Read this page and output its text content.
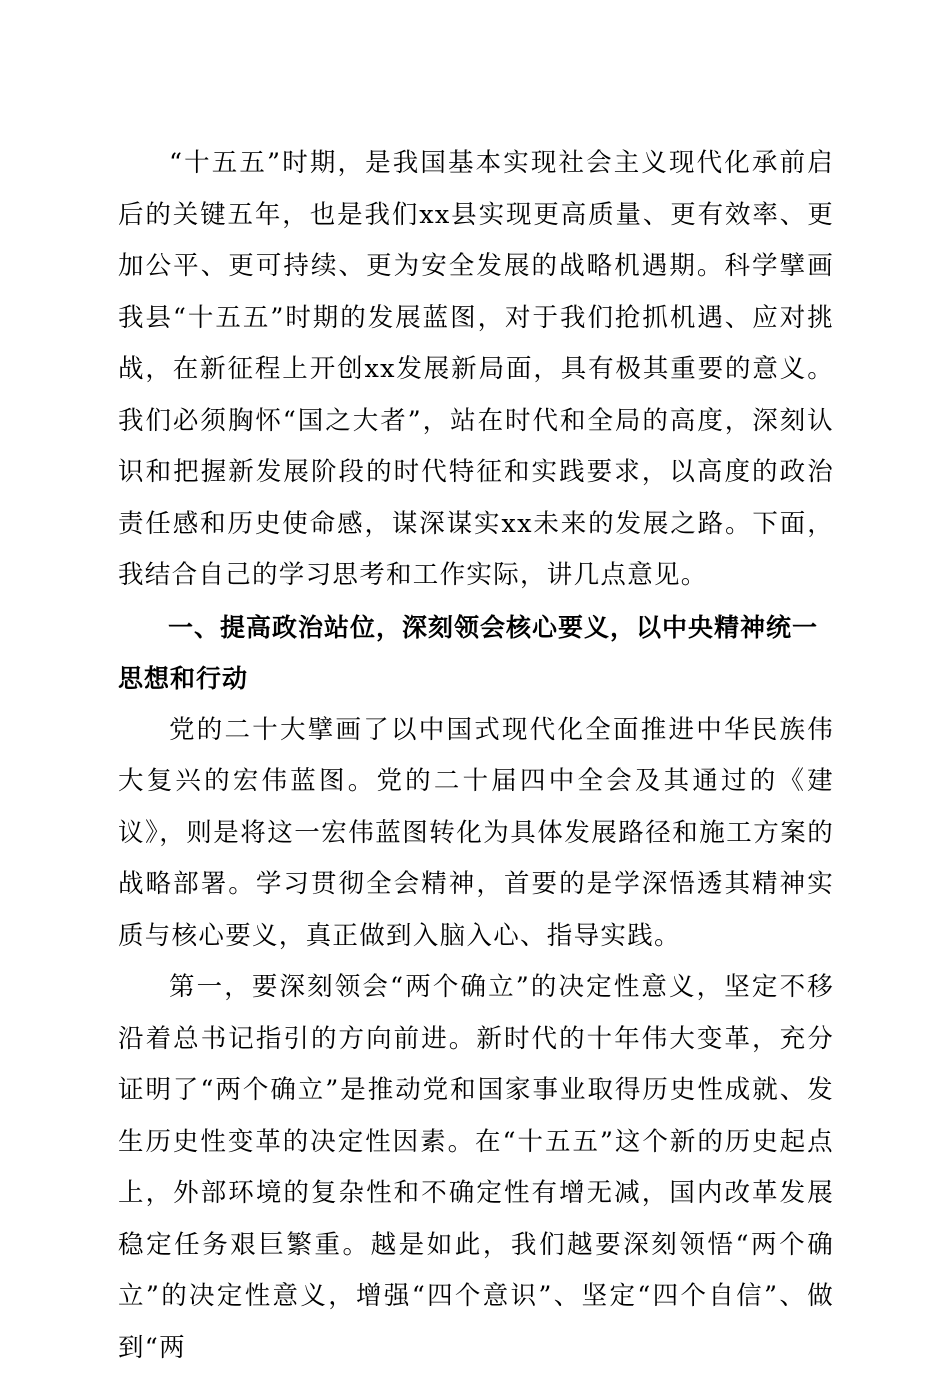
“十五五”时期，是我国基本实现社会主义现代化承前启后的关键五年，也是我们xx县实现更高质量、更有效率、更加公平、更可持续、更为安全发展的战略机遇期。科学擘画我县“十五五”时期的发展蓝图，对于我们抢抓机遇、应对挑战，在新征程上开创xx发展新局面，具有极其重要的意义。我们必须胸怀“国之大者”，站在时代和全局的高度，深刻认识和把握新发展阶段的时代特征和实践要求，以高度的政治责任感和历史使命感，谋深谋实xx未来的发展之路。下面，我结合自己的学习思考和工作实际，讲几点意见。

一、提高政治站位，深刻领会核心要义，以中央精神统一思想和行动

党的二十大擘画了以中国式现代化全面推进中华民族伟大复兴的宏伟蓝图。党的二十届四中全会及其通过的《建议》，则是将这一宏伟蓝图转化为具体发展路径和施工方案的战略部署。学习贯彻全会精神，首要的是学深悟透其精神实质与核心要义，真正做到入脑入心、指导实践。

第一，要深刻领会“两个确立”的决定性意义，坚定不移沿着总书记指引的方向前进。新时代的十年伟大变革，充分证明了“两个确立”是推动党和国家事业取得历史性成就、发生历史性变革的决定性因素。在“十五五”这个新的历史起点上，外部环境的复杂性和不确定性有增无减，国内改革发展稳定任务艰巨繁重。越是如此，我们越要深刻领悟“两个确立”的决定性意义，增强“四个意识”、坚定“四个自信”、做到“两
